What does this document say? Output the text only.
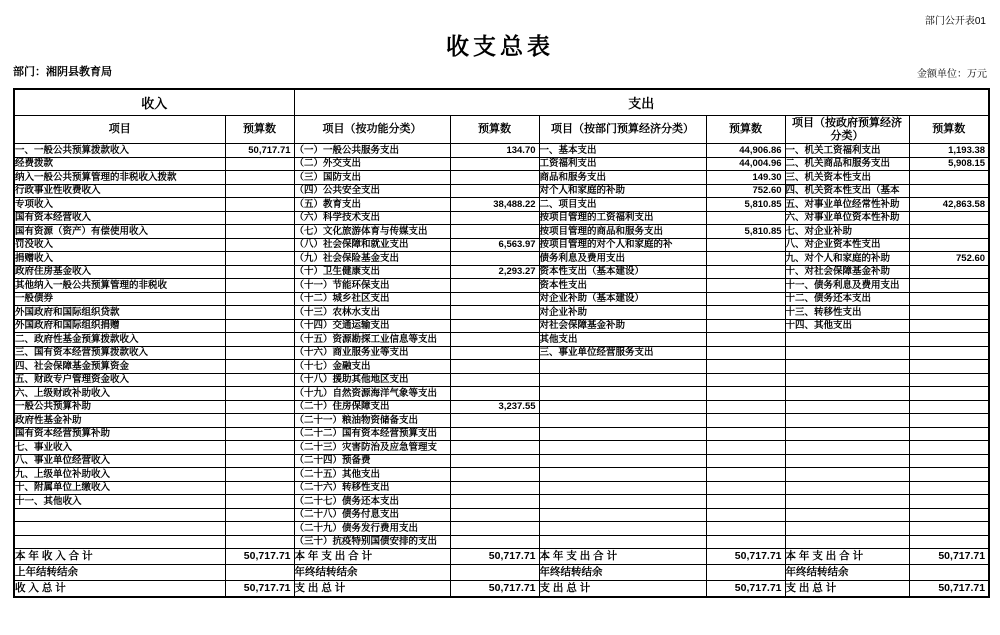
部门公开表01
收支总表
部门：湘阴县教育局	金额单位：万元
收入		支出					
项目	预算数	项目（按功能分类）	预算数	项目（按部门预算经济分类）	预算数	项目（按政府预算经济分类）	预算数
一、一般公共预算拨款收入	50,717.71	（一）一般公共服务支出	134.70	一、基本支出	44,906.86	一、机关工资福利支出	1,193.38
经费拨款		（二）外交支出		工资福利支出	44,004.96	二、机关商品和服务支出	5,908.15
纳入一般公共预算管理的非税收入拨款		（三）国防支出		商品和服务支出	149.30	三、机关资本性支出	
行政事业性收费收入		（四）公共安全支出		对个人和家庭的补助	752.60	四、机关资本性支出（基本	
专项收入		（五）教育支出	38,488.22	二、项目支出	5,810.85	五、对事业单位经常性补助	42,863.58
国有资本经营收入		（六）科学技术支出		按项目管理的工资福利支出		六、对事业单位资本性补助	
国有资源（资产）有偿使用收入		（七）文化旅游体育与传媒支出		按项目管理的商品和服务支出	5,810.85	七、对企业补助	
罚没收入		（八）社会保障和就业支出	6,563.97	按项目管理的对个人和家庭的补		八、对企业资本性支出	
捐赠收入		（九）社会保险基金支出		债务利息及费用支出		九、对个人和家庭的补助	752.60
政府住房基金收入		（十）卫生健康支出	2,293.27	资本性支出（基本建设）		十、对社会保障基金补助	
其他纳入一般公共预算管理的非税收		（十一）节能环保支出		资本性支出		十一、债务利息及费用支出	
一般债券		（十二）城乡社区支出		对企业补助（基本建设）		十二、债务还本支出	
外国政府和国际组织贷款		（十三）农林水支出		对企业补助		十三、转移性支出	
外国政府和国际组织捐赠		（十四）交通运输支出		对社会保障基金补助		十四、其他支出	
二、政府性基金预算拨款收入		（十五）资源勘探工业信息等支出		其他支出			
三、国有资本经营预算拨款收入		（十六）商业服务业等支出		三、事业单位经营服务支出			
四、社会保障基金预算资金		（十七）金融支出					
五、财政专户管理资金收入		（十八）援助其他地区支出					
六、上级财政补助收入		（十九）自然资源海洋气象等支出					
一般公共预算补助		（二十）住房保障支出	3,237.55				
政府性基金补助		（二十一）粮油物资储备支出					
国有资本经营预算补助		（二十二）国有资本经营预算支出					
七、事业收入		（二十三）灾害防治及应急管理支					
八、事业单位经营收入		（二十四）预备费					
九、上级单位补助收入		（二十五）其他支出					
十、附属单位上缴收入		（二十六）转移性支出					
十一、其他收入		（二十七）债务还本支出					
		（二十八）债务付息支出					
		（二十九）债务发行费用支出					
		（三十）抗疫特别国债安排的支出					
本 年 收 入 合 计	50,717.71	本 年 支 出 合 计	50,717.71	本 年 支 出 合 计	50,717.71	本 年 支 出 合 计	50,717.71
上年结转结余		年终结转结余		年终结转结余		年终结转结余	
收 入 总 计	50,717.71	支 出 总 计	50,717.71	支 出 总 计	50,717.71	支 出 总 计	50,717.71
